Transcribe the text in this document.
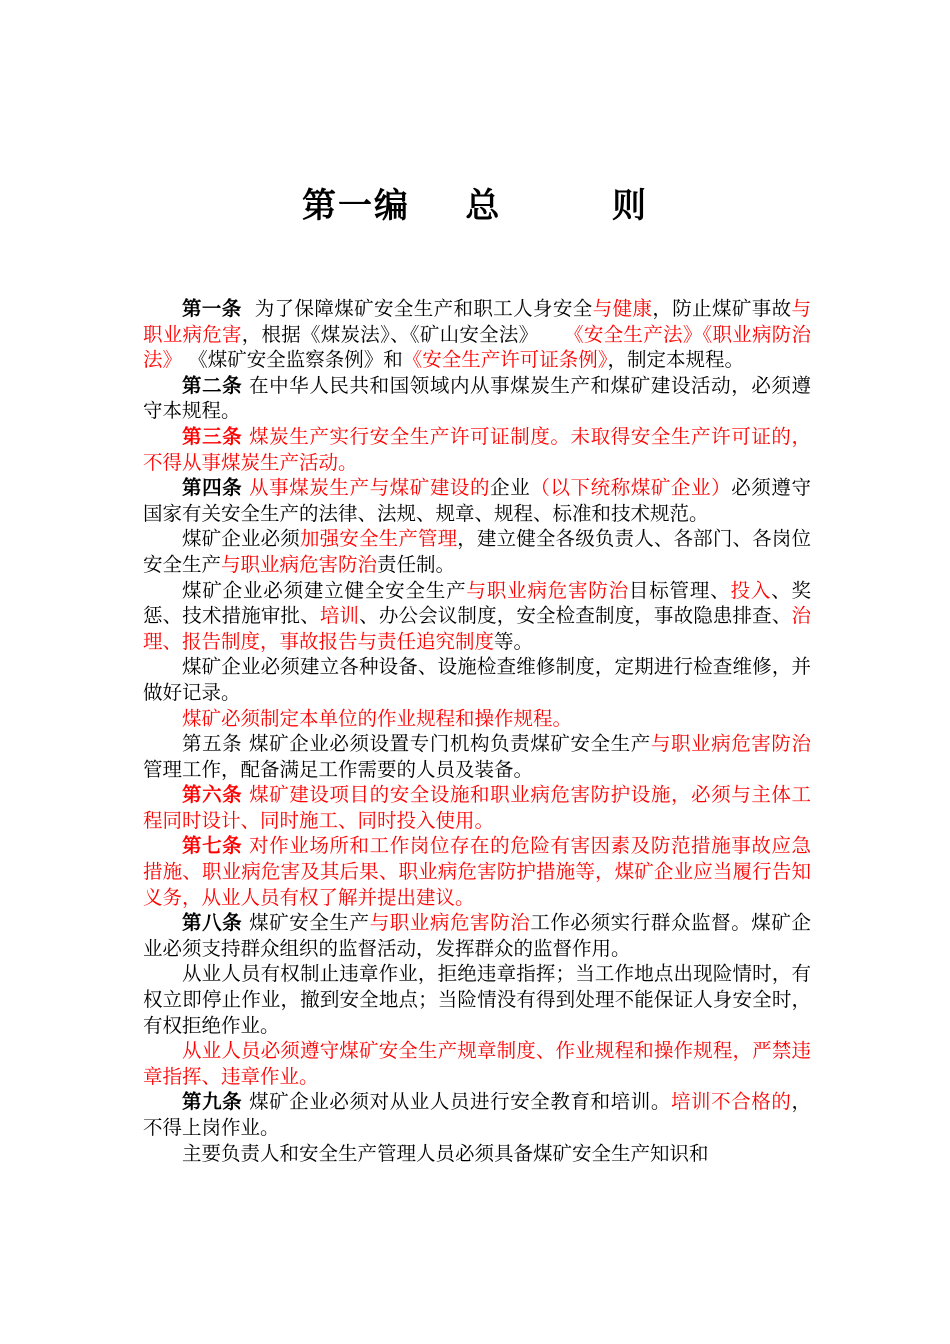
第一编    总        则

第一条  为了保障煤矿安全生产和职工人身安全与健康，防止煤矿事故与职业病危害，根据《煤炭法》、《矿山安全法》    《安全生产法》《职业病防治法》 《煤矿安全监察条例》和《安全生产许可证条例》，制定本规程。

第二条 在中华人民共和国领域内从事煤炭生产和煤矿建设活动，必须遵守本规程。

第三条 煤炭生产实行安全生产许可证制度。未取得安全生产许可证的，不得从事煤炭生产活动。

第四条 从事煤炭生产与煤矿建设的企业（以下统称煤矿企业）必须遵守国家有关安全生产的法律、法规、规章、规程、标准和技术规范。

煤矿企业必须加强安全生产管理，建立健全各级负责人、各部门、各岗位安全生产与职业病危害防治责任制。

煤矿企业必须建立健全安全生产与职业病危害防治目标管理、投入、奖惩、技术措施审批、培训、办公会议制度，安全检查制度，事故隐患排查、治理、报告制度，事故报告与责任追究制度等。

煤矿企业必须建立各种设备、设施检查维修制度，定期进行检查维修，并做好记录。

煤矿必须制定本单位的作业规程和操作规程。

第五条 煤矿企业必须设置专门机构负责煤矿安全生产与职业病危害防治管理工作，配备满足工作需要的人员及装备。

第六条 煤矿建设项目的安全设施和职业病危害防护设施，必须与主体工程同时设计、同时施工、同时投入使用。

第七条 对作业场所和工作岗位存在的危险有害因素及防范措施事故应急措施、职业病危害及其后果、职业病危害防护措施等，煤矿企业应当履行告知义务，从业人员有权了解并提出建议。

第八条 煤矿安全生产与职业病危害防治工作必须实行群众监督。煤矿企业必须支持群众组织的监督活动，发挥群众的监督作用。

从业人员有权制止违章作业，拒绝违章指挥；当工作地点出现险情时，有权立即停止作业，撤到安全地点；当险情没有得到处理不能保证人身安全时，有权拒绝作业。

从业人员必须遵守煤矿安全生产规章制度、作业规程和操作规程，严禁违章指挥、违章作业。

第九条 煤矿企业必须对从业人员进行安全教育和培训。培训不合格的，不得上岗作业。

主要负责人和安全生产管理人员必须具备煤矿安全生产知识和
